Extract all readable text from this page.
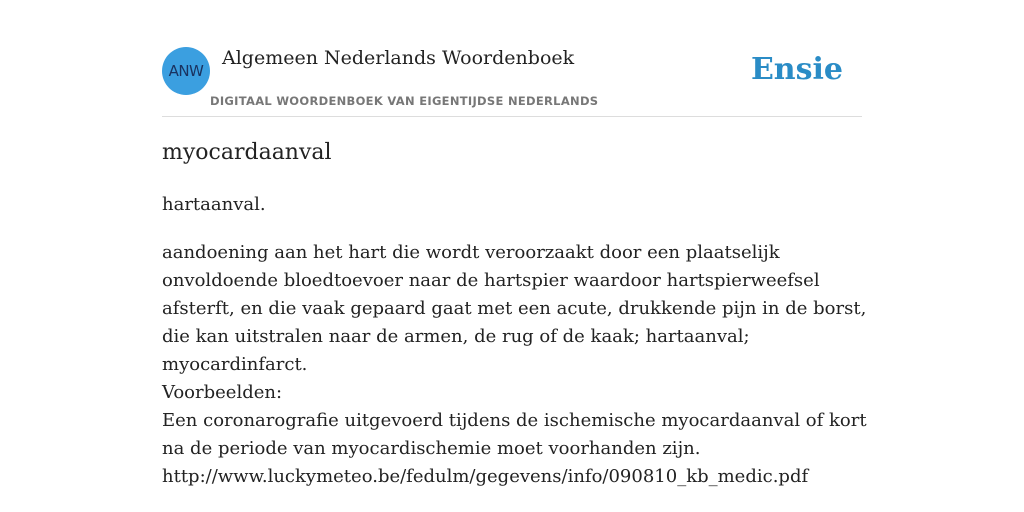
ANW
Algemeen Nederlands Woordenboek
DIGITAAL WOORDENBOEK VAN EIGENTIJDSE NEDERLANDS
Ensie
myocardaanval
hartaanval.
aandoening aan het hart die wordt veroorzaakt door een plaatselijk onvoldoende bloedtoevoer naar de hartspier waardoor hartspierweefsel afsterft, en die vaak gepaard gaat met een acute, drukkende pijn in de borst, die kan uitstralen naar de armen, de rug of de kaak; hartaanval; myocardinfarct.
Voorbeelden:
Een coronarografie uitgevoerd tijdens de ischemische myocardaanval of kort na de periode van myocardischemie moet voorhanden zijn.
http://www.luckymeteo.be/fedulm/gegevens/info/090810_kb_medic.pdf
